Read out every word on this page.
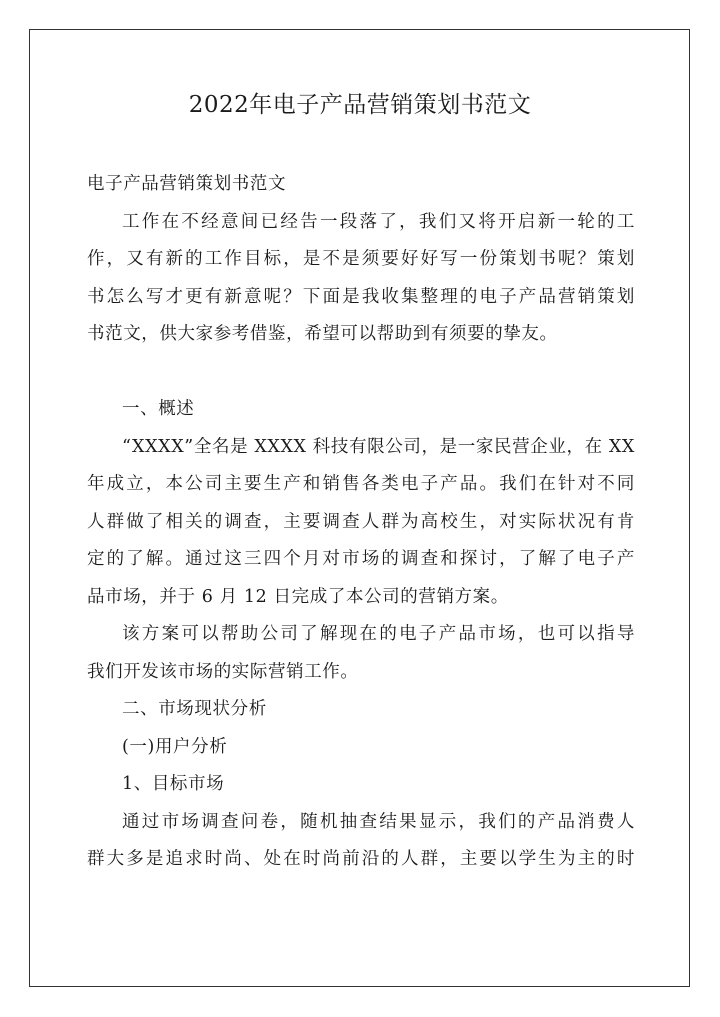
2022年电子产品营销策划书范文
电子产品营销策划书范文
工作在不经意间已经告一段落了，我们又将开启新一轮的工
作，又有新的工作目标，是不是须要好好写一份策划书呢？策划
书怎么写才更有新意呢？下面是我收集整理的电子产品营销策划
书范文，供大家参考借鉴，希望可以帮助到有须要的挚友。
一、概述
“XXXX”全名是 XXXX 科技有限公司，是一家民营企业，在 XX
年成立，本公司主要生产和销售各类电子产品。我们在针对不同
人群做了相关的调查，主要调查人群为高校生，对实际状况有肯
定的了解。通过这三四个月对市场的调查和探讨，了解了电子产
品市场，并于 6 月 12 日完成了本公司的营销方案。
该方案可以帮助公司了解现在的电子产品市场，也可以指导
我们开发该市场的实际营销工作。
二、市场现状分析
(一)用户分析
1、目标市场
通过市场调查问卷，随机抽查结果显示，我们的产品消费人
群大多是追求时尚、处在时尚前沿的人群，主要以学生为主的时
